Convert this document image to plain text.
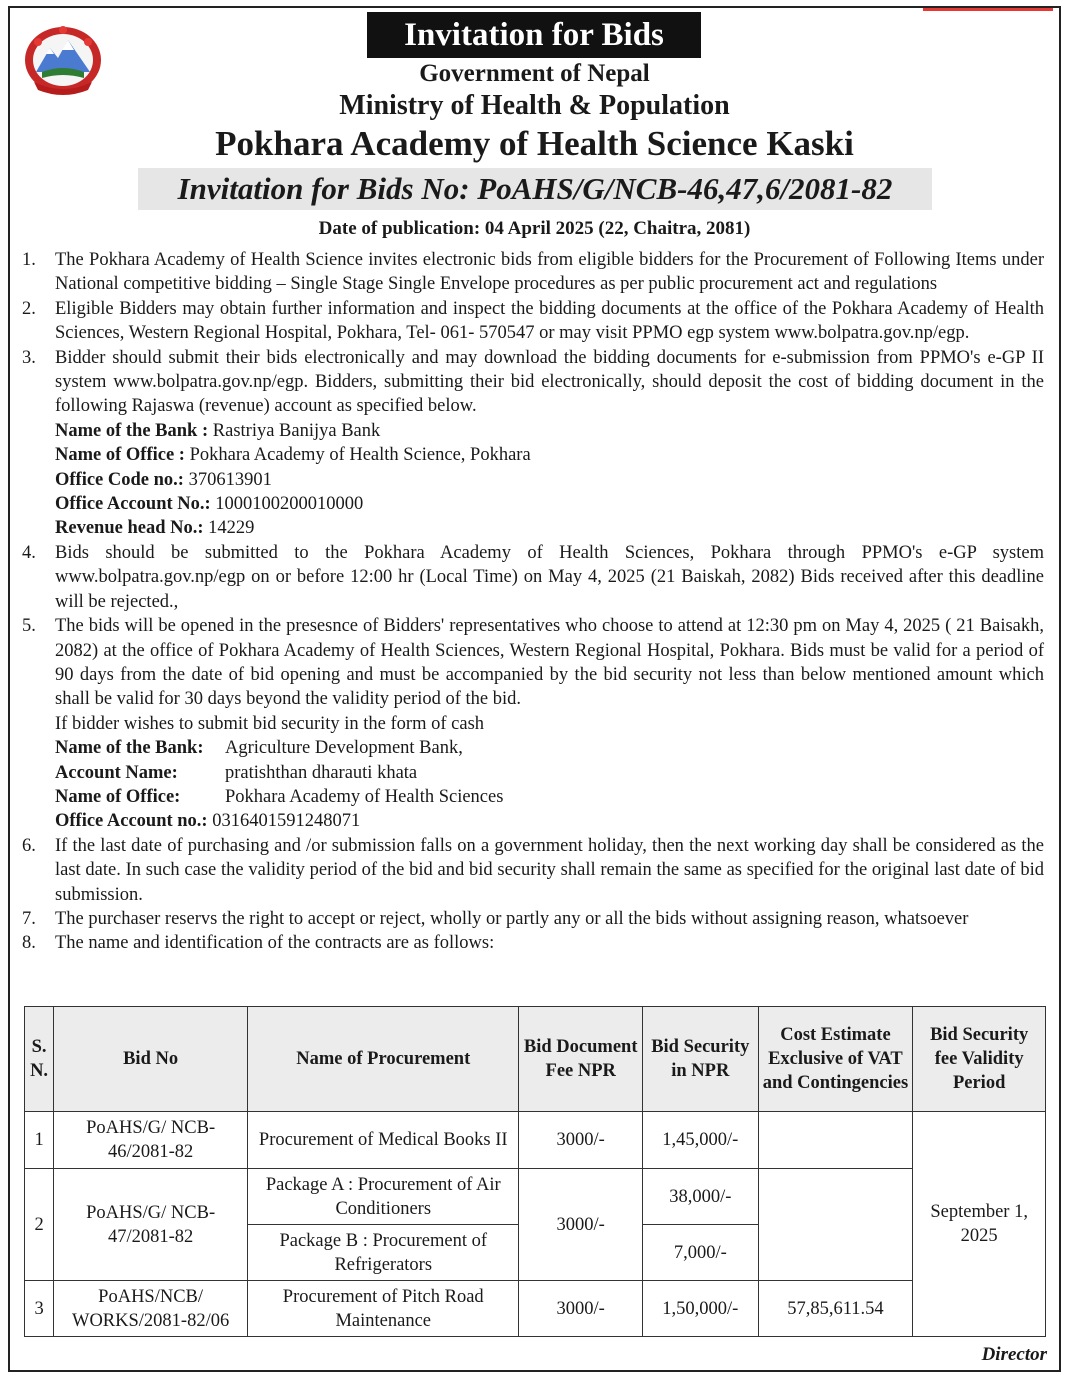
Invitation for Bids
Government of Nepal
Ministry of Health & Population
Pokhara Academy of Health Science Kaski
Invitation for Bids No: PoAHS/G/NCB-46,47,6/2081-82
Date of publication: 04 April 2025 (22, Chaitra, 2081)
1. The Pokhara Academy of Health Science invites electronic bids from eligible bidders for the Procurement of Following Items under National competitive bidding – Single Stage Single Envelope procedures as per public procurement act and regulations
2. Eligible Bidders may obtain further information and inspect the bidding documents at the office of the Pokhara Academy of Health Sciences, Western Regional Hospital, Pokhara, Tel- 061- 570547 or may visit PPMO egp system www.bolpatra.gov.np/egp.
3. Bidder should submit their bids electronically and may download the bidding documents for e-submission from PPMO's e-GP II system www.bolpatra.gov.np/egp. Bidders, submitting their bid electronically, should deposit the cost of bidding document in the following Rajaswa (revenue) account as specified below.
Name of the Bank : Rastriya Banijya Bank
Name of Office : Pokhara Academy of Health Science, Pokhara
Office Code no.: 370613901
Office Account No.: 1000100200010000
Revenue head No.: 14229
4. Bids should be submitted to the Pokhara Academy of Health Sciences, Pokhara through PPMO's e-GP system www.bolpatra.gov.np/egp on or before 12:00 hr (Local Time) on May 4, 2025 (21 Baiskah, 2082) Bids received after this deadline will be rejected.,
5. The bids will be opened in the presesnce of Bidders' representatives who choose to attend at 12:30 pm on May 4, 2025 ( 21 Baisakh, 2082) at the office of Pokhara Academy of Health Sciences, Western Regional Hospital, Pokhara. Bids must be valid for a period of 90 days from the date of bid opening and must be accompanied by the bid security not less than below mentioned amount which shall be valid for 30 days beyond the validity period of the bid.
If bidder wishes to submit bid security in the form of cash
Name of the Bank:	Agriculture Development Bank,
Account Name:	pratishthan dharauti khata
Name of Office:	Pokhara Academy of Health Sciences
Office Account no.: 0316401591248071
6. If the last date of purchasing and /or submission falls on a government holiday, then the next working day shall be considered as the last date. In such case the validity period of the bid and bid security shall remain the same as specified for the original last date of bid submission.
7. The purchaser reservs the right to accept or reject, wholly or partly any or all the bids without assigning reason, whatsoever
8. The name and identification of the contracts are as follows:
S. N.	Bid No	Name of Procurement	Bid Document Fee NPR	Bid Security in NPR	Cost Estimate Exclusive of VAT and Contingencies	Bid Security fee Validity Period
1	PoAHS/G/ NCB-46/2081-82	Procurement of Medical Books II	3000/-	1,45,000/-		September 1, 2025
2	PoAHS/G/ NCB-47/2081-82	Package A : Procurement of Air Conditioners	3000/-	38,000/-		
		Package B : Procurement of Refrigerators		7,000/-		
3	PoAHS/NCB/ WORKS/2081-82/06	Procurement of Pitch Road Maintenance	3000/-	1,50,000/-	57,85,611.54	
Director
